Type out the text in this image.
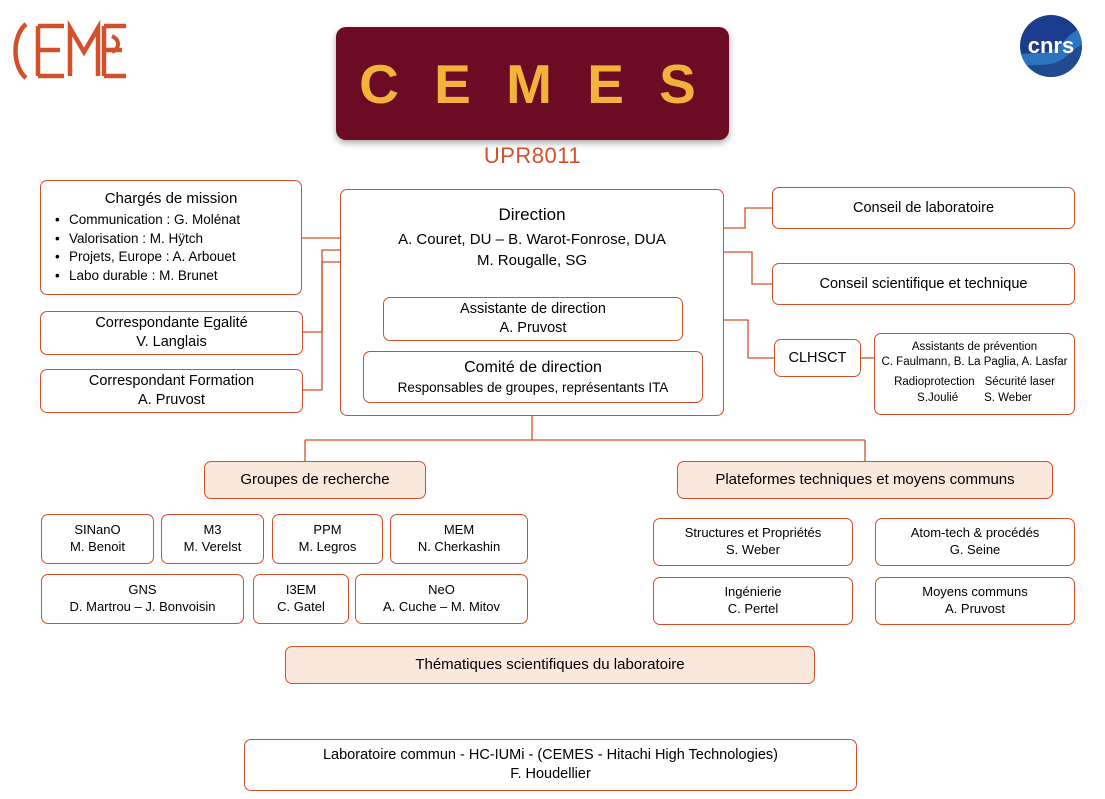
cnrs
C E M E S
UPR8011
Chargés de mission
• Communication : G. Molénat
• Valorisation : M. Hÿtch
• Projets, Europe : A. Arbouet
• Labo durable : M. Brunet
Correspondante Egalité
V. Langlais
Correspondant Formation
A. Pruvost
Direction
A. Couret, DU – B. Warot-Fonrose, DUA
M. Rougalle, SG
Assistante de direction
A. Pruvost
Comité de direction
Responsables de groupes, représentants ITA
Conseil de laboratoire
Conseil scientifique et technique
CLHSCT
Assistants de prévention
C. Faulmann, B. La Paglia, A. Lasfar
Radioprotection Sécurité laser
S.Joulié S. Weber
Groupes de recherche	Plateformes techniques et moyens communs
SINanO
M. Benoit
M3
M. Verelst
PPM
M. Legros
MEM
N. Cherkashin
GNS
D. Martrou – J. Bonvoisin
I3EM
C. Gatel
NeO
A. Cuche – M. Mitov
Structures et Propriétés
S. Weber
Atom-tech & procédés
G. Seine
Ingénierie
C. Pertel
Moyens communs
A. Pruvost
Thématiques scientifiques du laboratoire
Laboratoire commun - HC-IUMi - (CEMES - Hitachi High Technologies)
F. Houdellier
